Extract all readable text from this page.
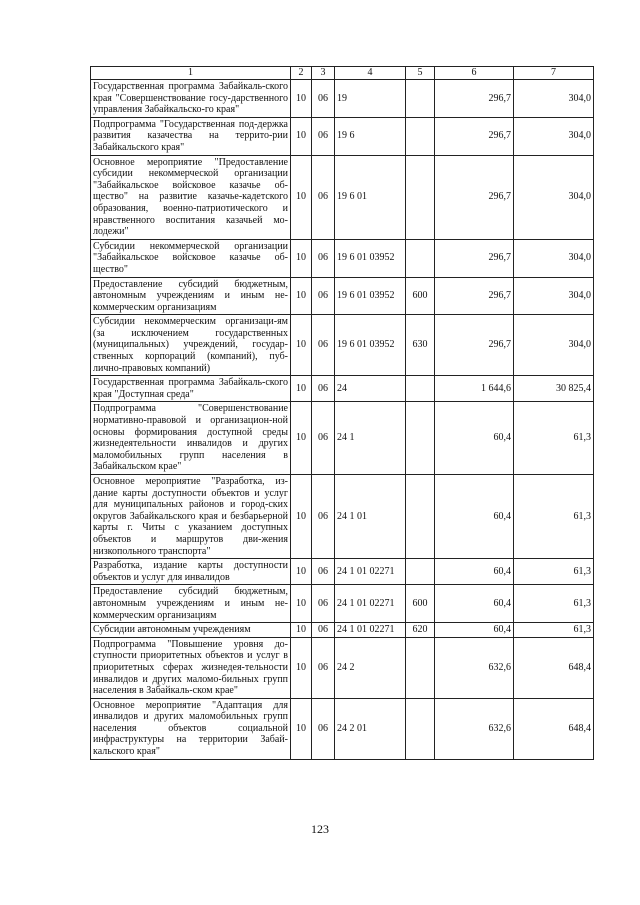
1	2	3	4	5	6	7
Государственная программа Забайкаль-ского края "Совершенствование госу-дарственного управления Забайкальско-го края"	10	06	19		296,7	304,0
Подпрограмма "Государственная под-держка развития казачества на террито-рии Забайкальского края"	10	06	19 6		296,7	304,0
Основное мероприятие "Предоставление субсидии некоммерческой организации "Забайкальское войсковое казачье об-щество" на развитие казачье-кадетского образования, военно-патриотического и нравственного воспитания казачьей мо-лодежи"	10	06	19 6 01		296,7	304,0
Субсидии некоммерческой организации "Забайкальское войсковое казачье об-щество"	10	06	19 6 01 03952		296,7	304,0
Предоставление субсидий бюджетным, автономным учреждениям и иным не-коммерческим организациям	10	06	19 6 01 03952	600	296,7	304,0
Субсидии некоммерческим организаци-ям (за исключением государственных (муниципальных) учреждений, государ-ственных корпораций (компаний), пуб-лично-правовых компаний)	10	06	19 6 01 03952	630	296,7	304,0
Государственная программа Забайкаль-ского края "Доступная среда"	10	06	24		1 644,6	30 825,4
Подпрограмма "Совершенствование нормативно-правовой и организацион-ной основы формирования доступной среды жизнедеятельности инвалидов и других маломобильных групп населения в Забайкальском крае"	10	06	24 1		60,4	61,3
Основное мероприятие "Разработка, из-дание карты доступности объектов и услуг для муниципальных районов и город-ских округов Забайкальского края и безбарьерной карты г. Читы с указанием доступных объектов и маршрутов дви-жения низкопольного транспорта"	10	06	24 1 01		60,4	61,3
Разработка, издание карты доступности объектов и услуг для инвалидов	10	06	24 1 01 02271		60,4	61,3
Предоставление субсидий бюджетным, автономным учреждениям и иным не-коммерческим организациям	10	06	24 1 01 02271	600	60,4	61,3
Субсидии автономным учреждениям	10	06	24 1 01 02271	620	60,4	61,3
Подпрограмма "Повышение уровня до-ступности приоритетных объектов и услуг в приоритетных сферах жизнедея-тельности инвалидов и других маломо-бильных групп населения в Забайкаль-ском крае"	10	06	24 2		632,6	648,4
Основное мероприятие "Адаптация для инвалидов и других маломобильных групп населения объектов социальной инфраструктуры на территории Забай-кальского края"	10	06	24 2 01		632,6	648,4
123
